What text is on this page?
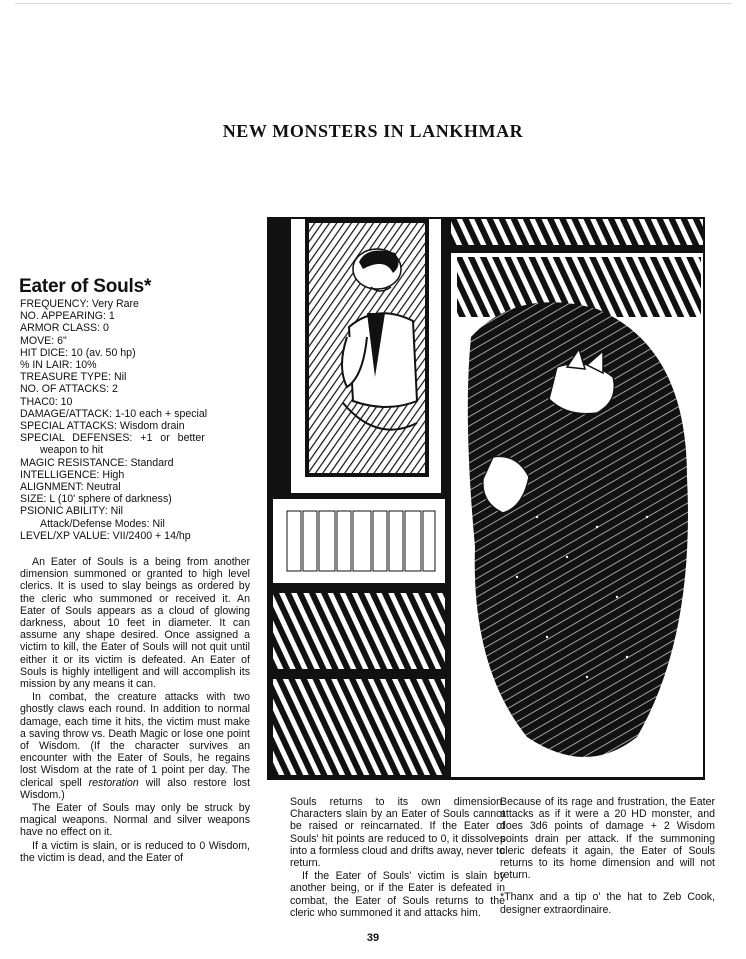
NEW MONSTERS IN LANKHMAR
Eater of Souls*
FREQUENCY: Very Rare
NO. APPEARING: 1
ARMOR CLASS: 0
MOVE: 6"
HIT DICE: 10 (av. 50 hp)
% IN LAIR: 10%
TREASURE TYPE: Nil
NO. OF ATTACKS: 2
THAC0: 10
DAMAGE/ATTACK: 1-10 each + special
SPECIAL ATTACKS: Wisdom drain
SPECIAL DEFENSES: +1 or better
weapon to hit
MAGIC RESISTANCE: Standard
INTELLIGENCE: High
ALIGNMENT: Neutral
SIZE: L (10' sphere of darkness)
PSIONIC ABILITY: Nil
Attack/Defense Modes: Nil
LEVEL/XP VALUE: VII/2400 + 14/hp

An Eater of Souls is a being from another dimension summoned or granted to high level clerics. It is used to slay beings as ordered by the cleric who summoned or received it. An Eater of Souls appears as a cloud of glowing darkness, about 10 feet in diameter. It can assume any shape desired. Once assigned a victim to kill, the Eater of Souls will not quit until either it or its victim is defeated. An Eater of Souls is highly intelligent and will accomplish its mission by any means it can.

In combat, the creature attacks with two ghostly claws each round. In addition to normal damage, each time it hits, the victim must make a saving throw vs. Death Magic or lose one point of Wisdom. (If the character survives an encounter with the Eater of Souls, he regains lost Wisdom at the rate of 1 point per day. The clerical spell restoration will also restore lost Wisdom.)

The Eater of Souls may only be struck by magical weapons. Normal and silver weapons have no effect on it.

If a victim is slain, or is reduced to 0 Wisdom, the victim is dead, and the Eater of

Souls returns to its own dimension. Characters slain by an Eater of Souls cannot be raised or reincarnated. If the Eater of Souls' hit points are reduced to 0, it dissolves into a formless cloud and drifts away, never to return.

If the Eater of Souls' victim is slain by another being, or if the Eater is defeated in combat, the Eater of Souls returns to the cleric who summoned it and attacks him.

Because of its rage and frustration, the Eater attacks as if it were a 20 HD monster, and does 3d6 points of damage + 2 Wisdom points drain per attack. If the summoning cleric defeats it again, the Eater of Souls returns to its home dimension and will not return.

*Thanx and a tip o' the hat to Zeb Cook, designer extraordinaire.

39
